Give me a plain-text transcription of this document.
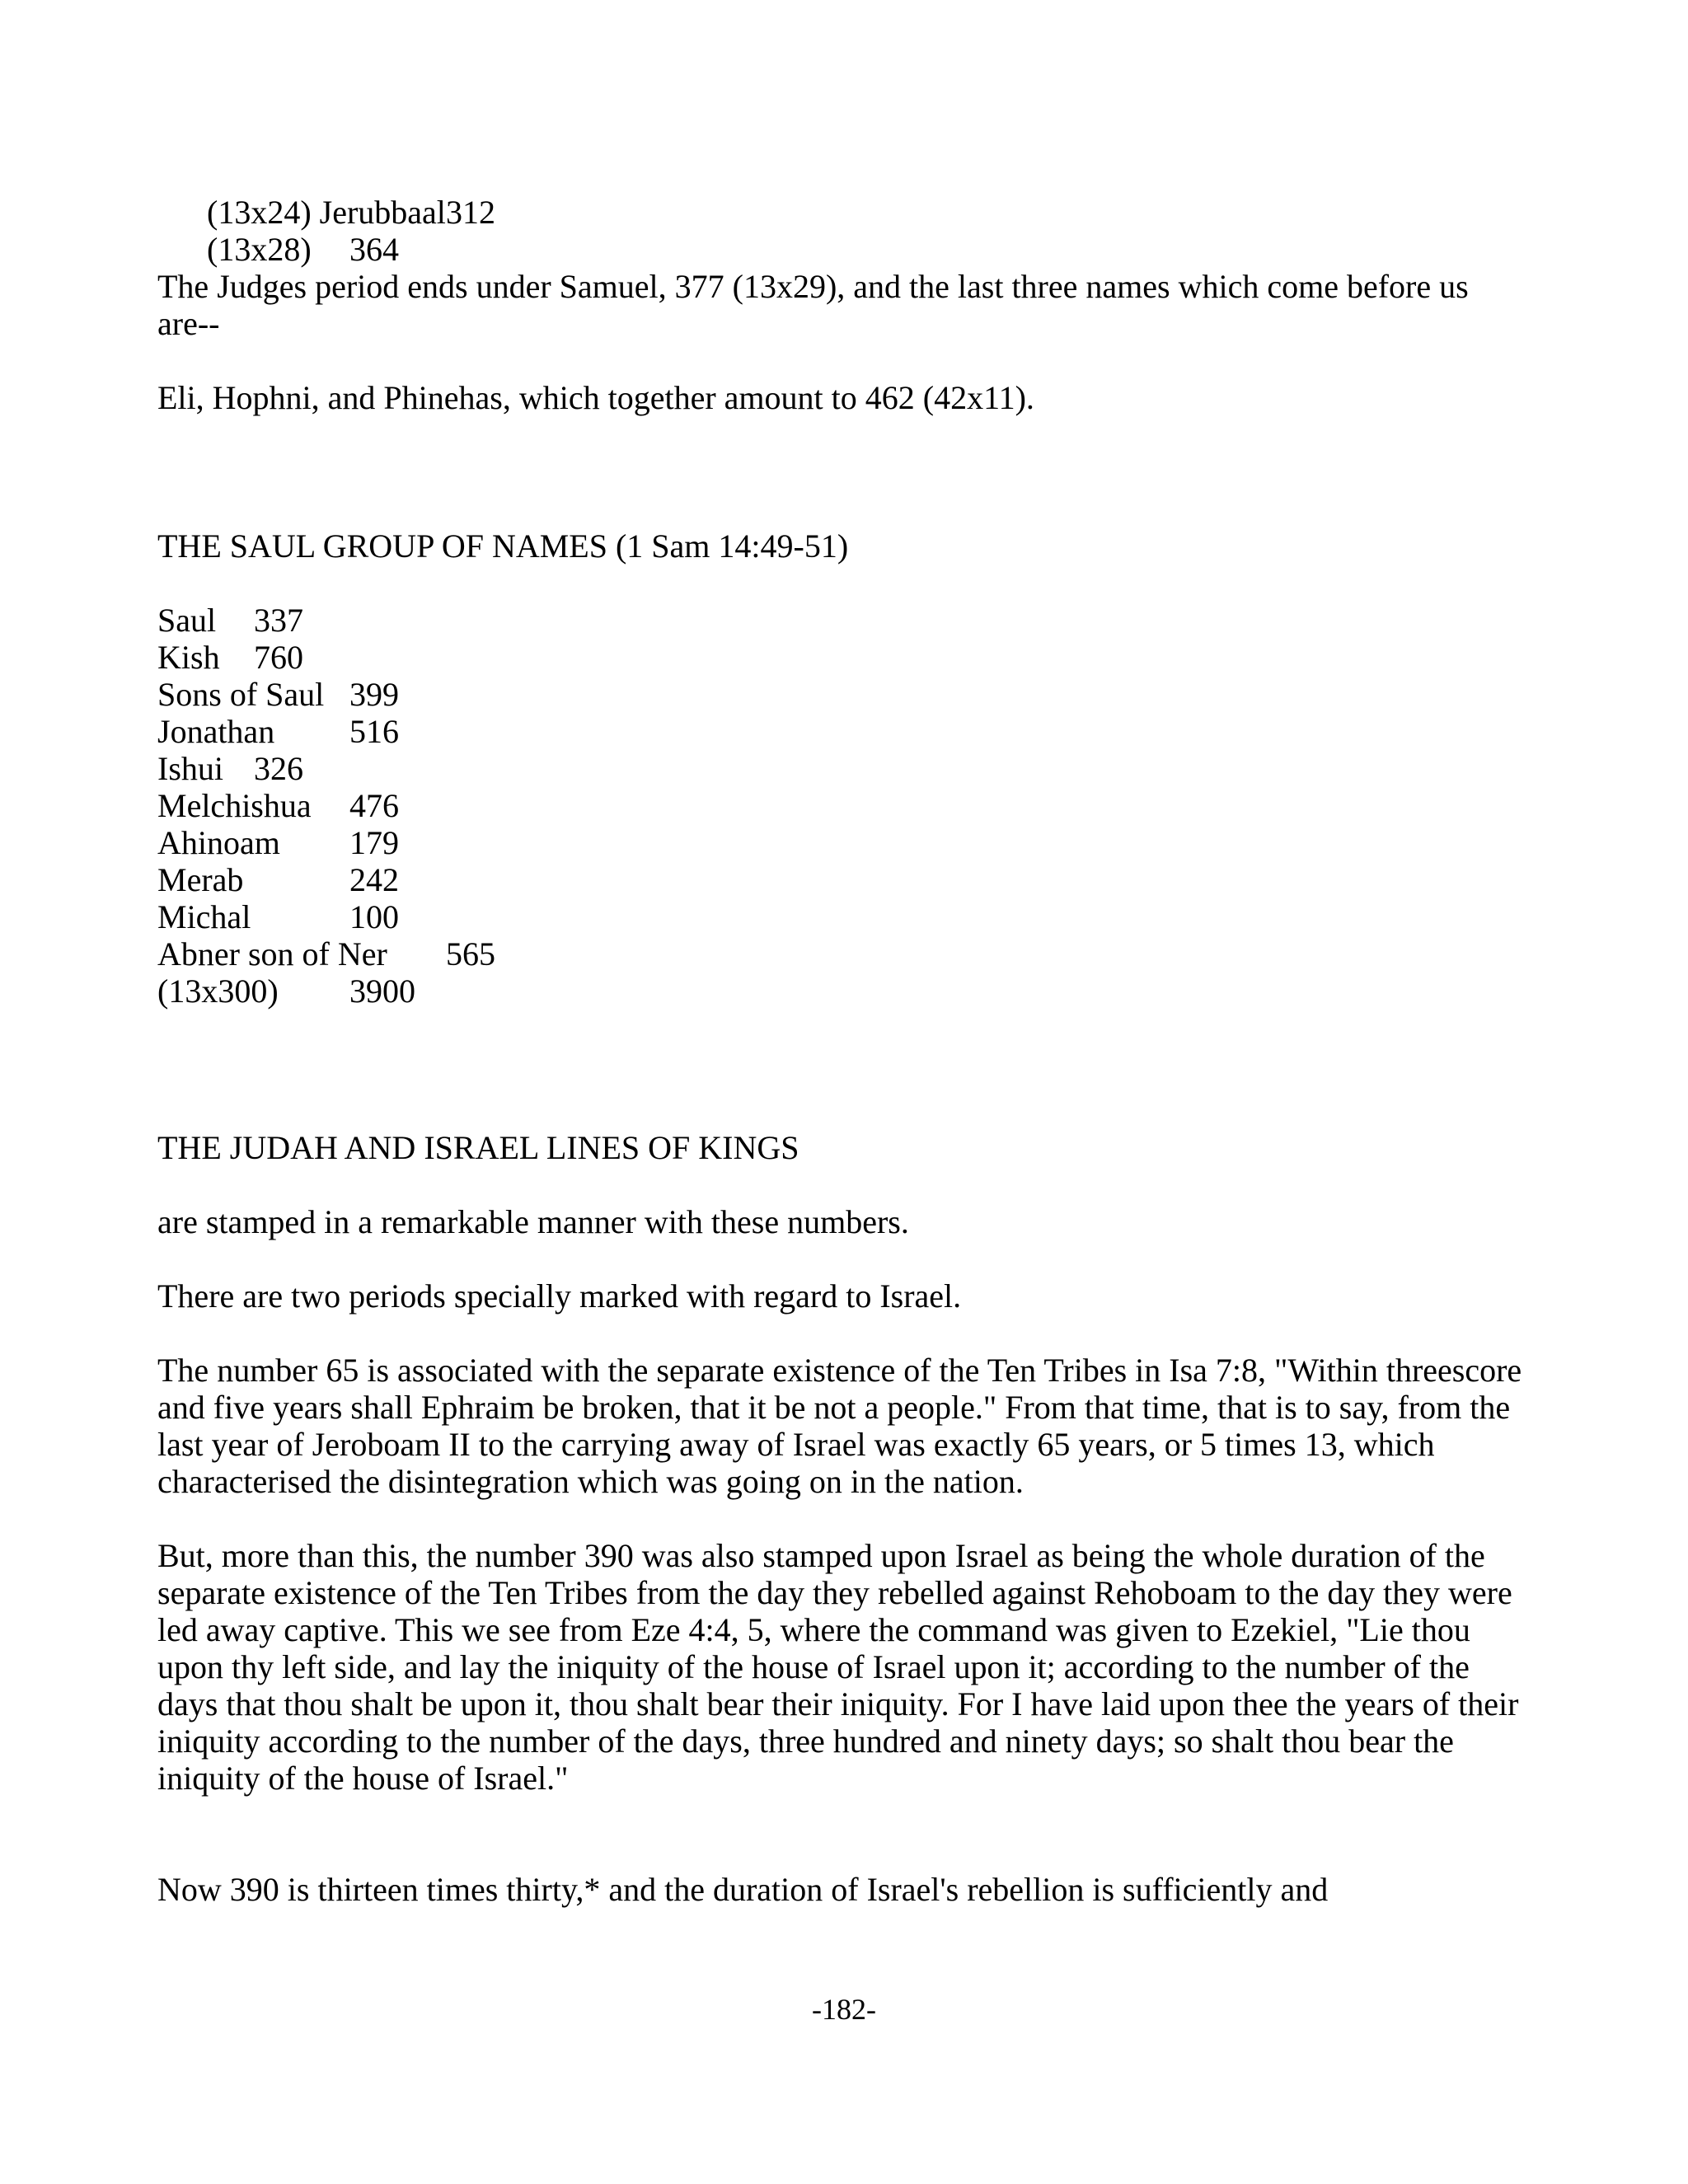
(13x24) Jerubbaal 312

(13x28) 364

The Judges period ends under Samuel, 377 (13x29), and the last three names which come before us are--

Eli, Hophni, and Phinehas, which together amount to 462 (42x11).

THE SAUL GROUP OF NAMES (1 Sam 14:49-51)

Saul 337
Kish 760
Sons of Saul 399
Jonathan 516
Ishui 326
Melchishua 476
Ahinoam 179
Merab	242
Michal	100
Abner son of Ner 565
(13x300) 3900

THE JUDAH AND ISRAEL LINES OF KINGS

are stamped in a remarkable manner with these numbers.

There are two periods specially marked with regard to Israel.

The number 65 is associated with the separate existence of the Ten Tribes in Isa 7:8, "Within threescore and five years shall Ephraim be broken, that it be not a people." From that time, that is to say, from the last year of Jeroboam II to the carrying away of Israel was exactly 65 years, or 5 times 13, which characterised the disintegration which was going on in the nation.

But, more than this, the number 390 was also stamped upon Israel as being the whole duration of the separate existence of the Ten Tribes from the day they rebelled against Rehoboam to the day they were led away captive. This we see from Eze 4:4, 5, where the command was given to Ezekiel, "Lie thou upon thy left side, and lay the iniquity of the house of Israel upon it; according to the number of the days that thou shalt be upon it, thou shalt bear their iniquity. For I have laid upon thee the years of their iniquity according to the number of the days, three hundred and ninety days; so shalt thou bear the iniquity of the house of Israel."

Now 390 is thirteen times thirty,* and the duration of Israel's rebellion is sufficiently and

-182-
